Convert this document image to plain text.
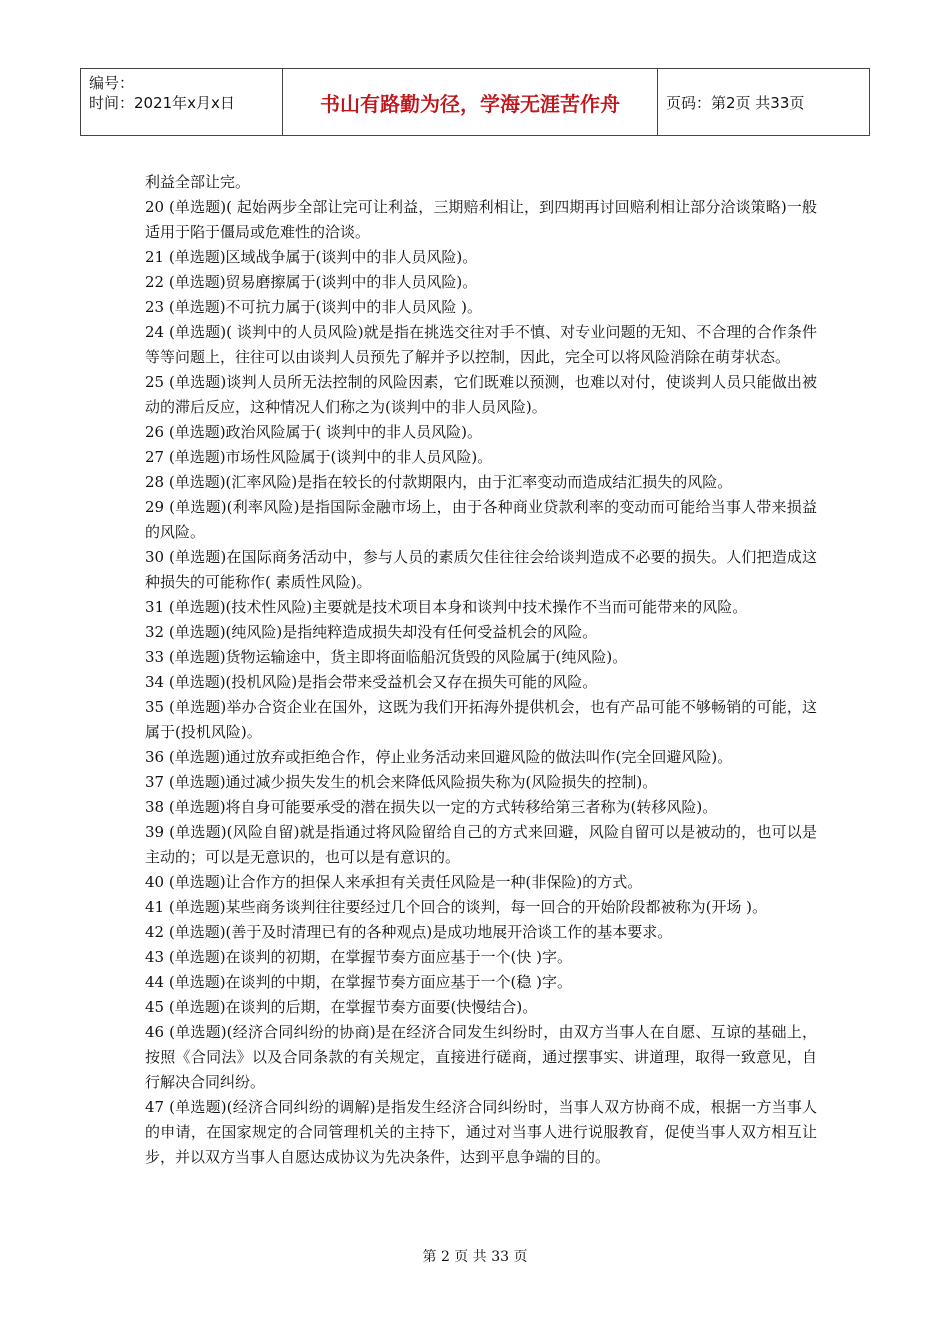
编号：
时间：2021年x月x日	书山有路勤为径，学海无涯苦作舟	页码：第2页 共33页

利益全部让完。

20 (单选题)( 起始两步全部让完可让利益，三期赔利相让，到四期再讨回赔利相让部分洽谈策略)一般适用于陷于僵局或危难性的洽谈。

21 (单选题)区域战争属于(谈判中的非人员风险)。

22 (单选题)贸易磨擦属于(谈判中的非人员风险)。

23 (单选题)不可抗力属于(谈判中的非人员风险 )。

24 (单选题)( 谈判中的人员风险)就是指在挑选交往对手不慎、对专业问题的无知、不合理的合作条件等等问题上，往往可以由谈判人员预先了解并予以控制，因此，完全可以将风险消除在萌芽状态。

25 (单选题)谈判人员所无法控制的风险因素，它们既难以预测，也难以对付，使谈判人员只能做出被动的滞后反应，这种情况人们称之为(谈判中的非人员风险)。

26 (单选题)政治风险属于( 谈判中的非人员风险)。

27 (单选题)市场性风险属于(谈判中的非人员风险)。

28 (单选题)(汇率风险)是指在较长的付款期限内，由于汇率变动而造成结汇损失的风险。

29 (单选题)(利率风险)是指国际金融市场上，由于各种商业贷款利率的变动而可能给当事人带来损益的风险。

30 (单选题)在国际商务活动中，参与人员的素质欠佳往往会给谈判造成不必要的损失。人们把造成这种损失的可能称作( 素质性风险)。

31 (单选题)(技术性风险)主要就是技术项目本身和谈判中技术操作不当而可能带来的风险。

32 (单选题)(纯风险)是指纯粹造成损失却没有任何受益机会的风险。

33 (单选题)货物运输途中，货主即将面临船沉货毁的风险属于(纯风险)。

34 (单选题)(投机风险)是指会带来受益机会又存在损失可能的风险。

35 (单选题)举办合资企业在国外，这既为我们开拓海外提供机会，也有产品可能不够畅销的可能，这属于(投机风险)。

36 (单选题)通过放弃或拒绝合作，停止业务活动来回避风险的做法叫作(完全回避风险)。

37 (单选题)通过减少损失发生的机会来降低风险损失称为(风险损失的控制)。

38 (单选题)将自身可能要承受的潜在损失以一定的方式转移给第三者称为(转移风险)。

39 (单选题)(风险自留)就是指通过将风险留给自己的方式来回避，风险自留可以是被动的，也可以是主动的；可以是无意识的，也可以是有意识的。

40 (单选题)让合作方的担保人来承担有关责任风险是一种(非保险)的方式。

41 (单选题)某些商务谈判往往要经过几个回合的谈判，每一回合的开始阶段都被称为(开场 )。

42 (单选题)(善于及时清理已有的各种观点)是成功地展开洽谈工作的基本要求。

43 (单选题)在谈判的初期，在掌握节奏方面应基于一个(快 )字。

44 (单选题)在谈判的中期，在掌握节奏方面应基于一个(稳 )字。

45 (单选题)在谈判的后期，在掌握节奏方面要(快慢结合)。

46 (单选题)(经济合同纠纷的协商)是在经济合同发生纠纷时，由双方当事人在自愿、互谅的基础上，按照《合同法》以及合同条款的有关规定，直接进行磋商，通过摆事实、讲道理，取得一致意见，自行解决合同纠纷。

47 (单选题)(经济合同纠纷的调解)是指发生经济合同纠纷时，当事人双方协商不成，根据一方当事人的申请，在国家规定的合同管理机关的主持下，通过对当事人进行说服教育，促使当事人双方相互让步，并以双方当事人自愿达成协议为先决条件，达到平息争端的目的。

第 2 页 共 33 页
